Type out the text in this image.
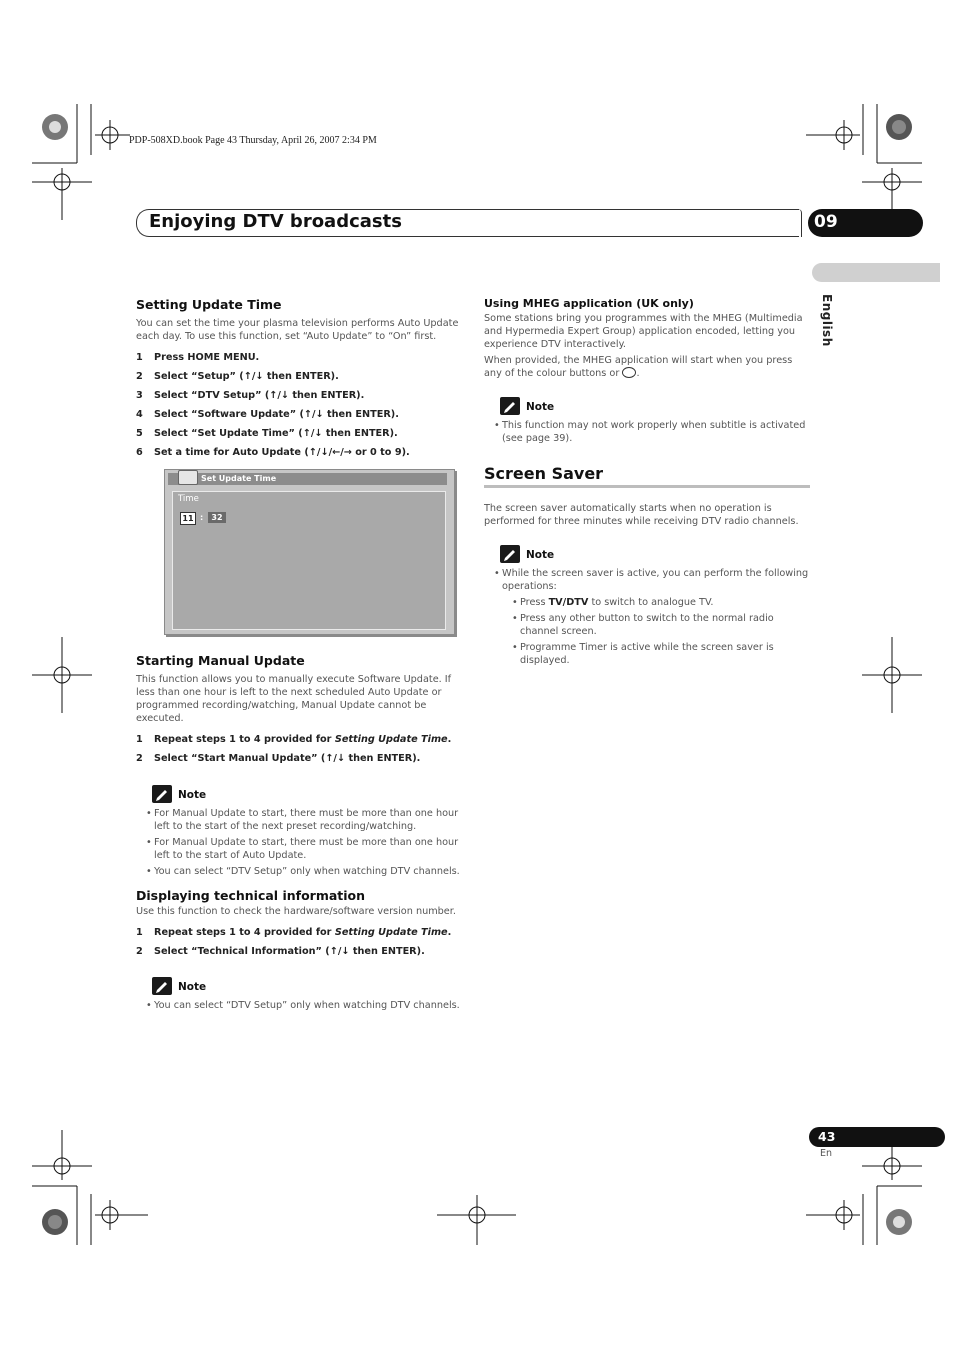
PDP-508XD.book Page 43 Thursday, April 26, 2007 2:34 PM
Enjoying DTV broadcasts	09
English
Setting Update Time
You can set the time your plasma television performs Auto Update each day. To use this function, set “Auto Update” to “On” first.
1 Press HOME MENU.
2 Select “Setup” (↑/↓ then ENTER).
3 Select “DTV Setup” (↑/↓ then ENTER).
4 Select “Software Update” (↑/↓ then ENTER).
5 Select “Set Update Time” (↑/↓ then ENTER).
6 Set a time for Auto Update (↑/↓/←/→ or 0 to 9).
Set Update Time
Time
11 :	32
Starting Manual Update
This function allows you to manually execute Software Update. If less than one hour is left to the next scheduled Auto Update or programmed recording/watching, Manual Update cannot be executed.
1 Repeat steps 1 to 4 provided for Setting Update Time.
2 Select “Start Manual Update” (↑/↓ then ENTER).
Note
• For Manual Update to start, there must be more than one hour left to the start of the next preset recording/watching.
• For Manual Update to start, there must be more than one hour left to the start of Auto Update.
• You can select “DTV Setup” only when watching DTV channels.
Displaying technical information
Use this function to check the hardware/software version number.
1 Repeat steps 1 to 4 provided for Setting Update Time.
2 Select “Technical Information” (↑/↓ then ENTER).
Note
• You can select “DTV Setup” only when watching DTV channels.
Using MHEG application (UK only)
Some stations bring you programmes with the MHEG (Multimedia and Hypermedia Expert Group) application encoded, letting you experience DTV interactively.
When provided, the MHEG application will start when you press any of the colour buttons or .
Note
• This function may not work properly when subtitle is activated (see page 39).
Screen Saver
The screen saver automatically starts when no operation is performed for three minutes while receiving DTV radio channels.
Note
• While the screen saver is active, you can perform the following operations:
• Press TV/DTV to switch to analogue TV.
• Press any other button to switch to the normal radio channel screen.
• Programme Timer is active while the screen saver is displayed.
43
En
